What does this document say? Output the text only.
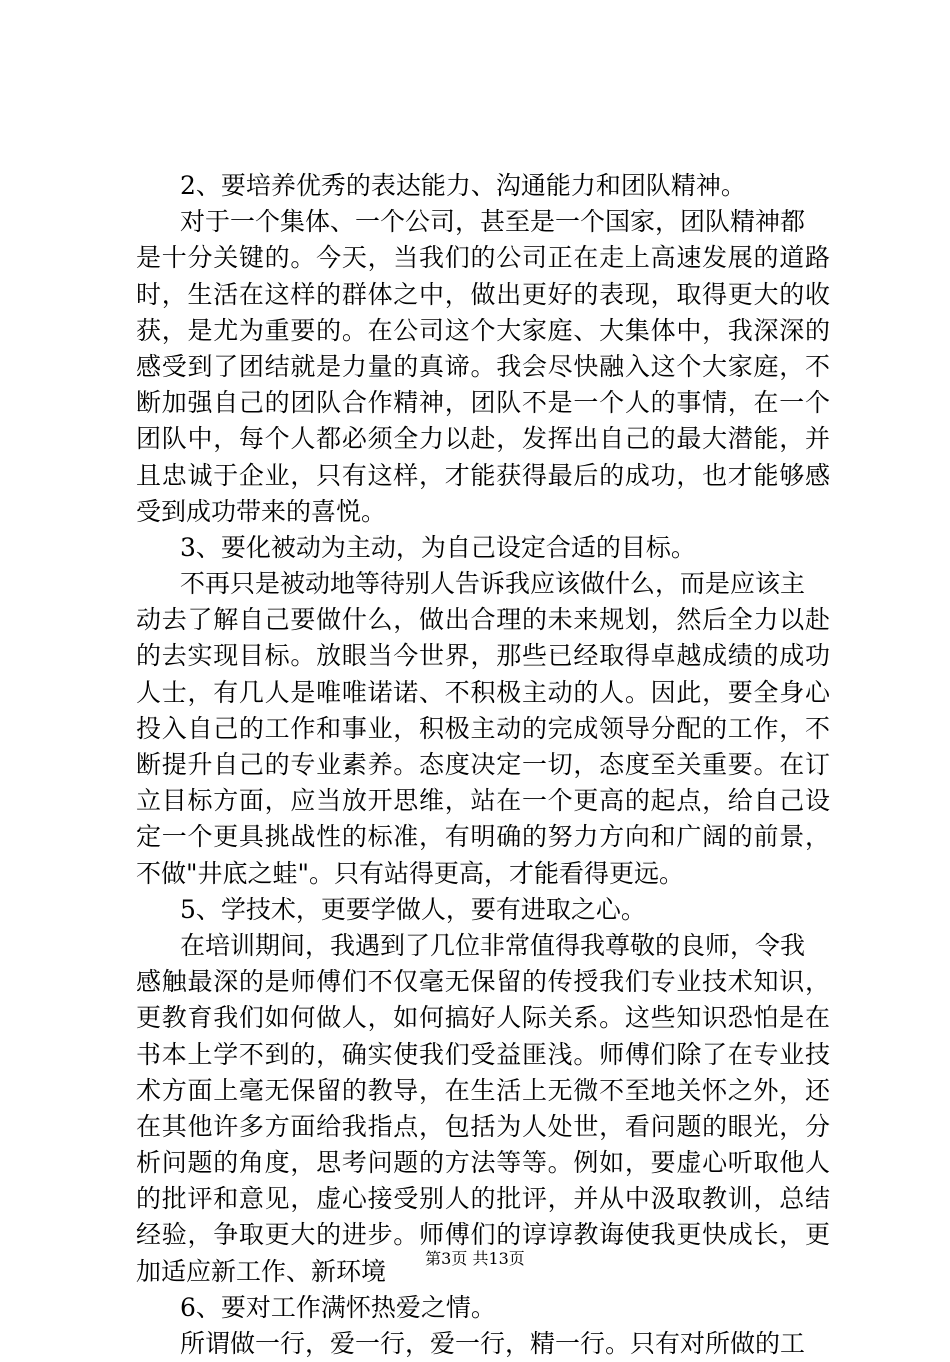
2、要培养优秀的表达能力、沟通能力和团队精神。
对于一个集体、一个公司，甚至是一个国家，团队精神都
是十分关键的。今天，当我们的公司正在走上高速发展的道路
时，生活在这样的群体之中，做出更好的表现，取得更大的收
获，是尤为重要的。在公司这个大家庭、大集体中，我深深的
感受到了团结就是力量的真谛。我会尽快融入这个大家庭，不
断加强自己的团队合作精神，团队不是一个人的事情，在一个
团队中，每个人都必须全力以赴，发挥出自己的最大潜能，并
且忠诚于企业，只有这样，才能获得最后的成功，也才能够感
受到成功带来的喜悦。
3、要化被动为主动，为自己设定合适的目标。
不再只是被动地等待别人告诉我应该做什么，而是应该主
动去了解自己要做什么，做出合理的未来规划，然后全力以赴
的去实现目标。放眼当今世界，那些已经取得卓越成绩的成功
人士，有几人是唯唯诺诺、不积极主动的人。因此，要全身心
投入自己的工作和事业，积极主动的完成领导分配的工作，不
断提升自己的专业素养。态度决定一切，态度至关重要。在订
立目标方面，应当放开思维，站在一个更高的起点，给自己设
定一个更具挑战性的标准，有明确的努力方向和广阔的前景，
不做"井底之蛙"。只有站得更高，才能看得更远。
5、学技术，更要学做人，要有进取之心。
在培训期间，我遇到了几位非常值得我尊敬的良师，令我
感触最深的是师傅们不仅毫无保留的传授我们专业技术知识，
更教育我们如何做人，如何搞好人际关系。这些知识恐怕是在
书本上学不到的，确实使我们受益匪浅。师傅们除了在专业技
术方面上毫无保留的教导，在生活上无微不至地关怀之外，还
在其他许多方面给我指点，包括为人处世，看问题的眼光，分
析问题的角度，思考问题的方法等等。例如，要虚心听取他人
的批评和意见，虚心接受别人的批评，并从中汲取教训，总结
经验，争取更大的进步。师傅们的谆谆教诲使我更快成长，更
加适应新工作、新环境
6、要对工作满怀热爱之情。
所谓做一行，爱一行，爱一行，精一行。只有对所做的工
第3页 共13页
